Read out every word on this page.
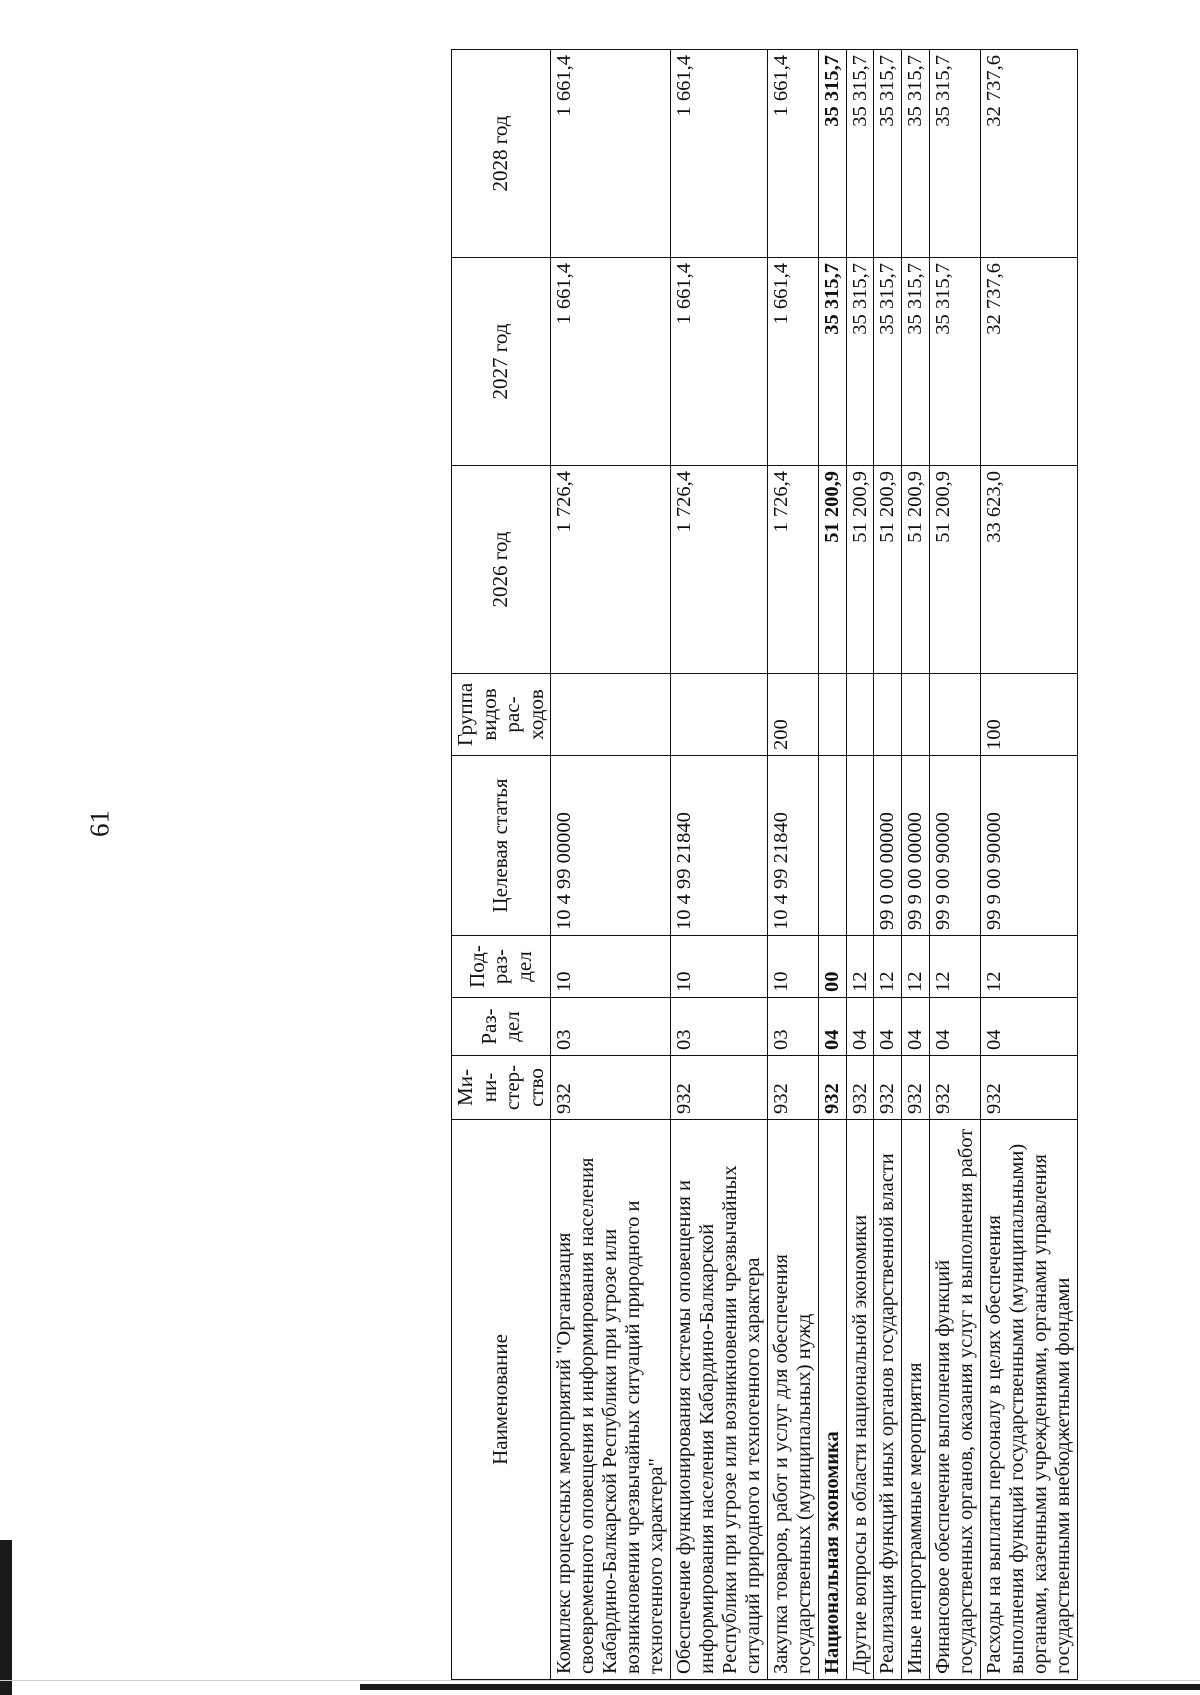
61
Наименование	Ми-ни-стер-ство	Раз-дел	Под-раз-дел	Целевая статья	Группа видов рас-ходов	2026 год	2027 год	2028 год
Комплекс процессных мероприятий "Организация своевременного оповещения и информирования населения Кабардино-Балкарской Республики при угрозе или возникновении чрезвычайных ситуаций природного и техногенного характера"	932	03	10	10 4 99 00000		1 726,4	1 661,4	1 661,4
Обеспечение функционирования системы оповещения и информирования населения Кабардино-Балкарской Республики при угрозе или возникновении чрезвычайных ситуаций природного и техногенного характера	932	03	10	10 4 99 21840		1 726,4	1 661,4	1 661,4
Закупка товаров, работ и услуг для обеспечения государственных (муниципальных) нужд	932	03	10	10 4 99 21840	200	1 726,4	1 661,4	1 661,4
Национальная экономика	932	04	00			51 200,9	35 315,7	35 315,7
Другие вопросы в области национальной экономики	932	04	12			51 200,9	35 315,7	35 315,7
Реализация функций иных органов государственной власти	932	04	12	99 0 00 00000		51 200,9	35 315,7	35 315,7
Иные непрограммные мероприятия	932	04	12	99 9 00 00000		51 200,9	35 315,7	35 315,7
Финансовое обеспечение выполнения функций государственных органов, оказания услуг и выполнения работ	932	04	12	99 9 00 90000		51 200,9	35 315,7	35 315,7
Расходы на выплаты персоналу в целях обеспечения выполнения функций государственными (муниципальными) органами, казенными учреждениями, органами управления государственными внебюджетными фондами	932	04	12	99 9 00 90000	100	33 623,0	32 737,6	32 737,6
